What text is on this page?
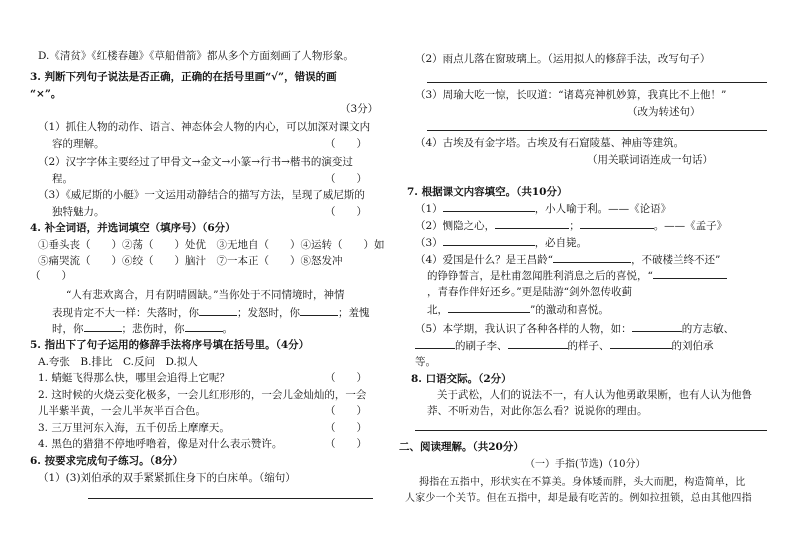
D.《清贫》《红楼春趣》《草船借箭》都从多个方面刻画了人物形象。
3. 判断下列句子说法是否正确，正确的在括号里画“√”，错误的画
“×”。
（3分）
（1）抓住人物的动作、语言、神态体会人物的内心，可以加深对课文内
容的理解。	（　　）
（2）汉字字体主要经过了甲骨文→金文→小篆→行书→楷书的演变过
程。	（　　）
（3）《威尼斯的小艇》一文运用动静结合的描写方法，呈现了威尼斯的
独特魅力。	（　　）
4. 补全词语，并选词填空（填序号）（6分）
①垂头丧（　　）②荡（　　）处优　③无地自（　　）④运转（　　）如
⑤痛哭流（　　）⑥绞（　　）脑汁　⑦一本正（　　）⑧怒发冲
（　　）
“人有悲欢离合，月有阴晴圆缺。”当你处于不同情境时，神情
表现肯定不大一样：失落时，你	；发怒时，你	；羞愧
时，你	；悲伤时，你	。
5. 指出下了句子运用的修辞手法将序号填在括号里。（4分）
A.夸张　B.排比　C.反问　D.拟人
1. 蜻蜓飞得那么快，哪里会追得上它呢？	（　　）
2. 这时候的火烧云变化极多，一会儿红形形的，一会儿金灿灿的，一会
儿半紫半黄，一会儿半灰半百合色。	（　　）
3. 三万里河东入海，五千仞岳上摩摩天。	（　　）
4. 黑色的猎猎不停地呼噜着，像是对什么表示赞许。	（　　）
6. 按要求完成句子练习。（8分）
（1）(3)刘伯承的双手紧紧抓住身下的白床单。（缩句）
（2）雨点儿落在窗玻璃上。（运用拟人的修辞手法，改写句子）
（3）周瑜大吃一惊，长叹道：“诸葛亮神机妙算，我真比不上他！”
（改为转述句）
（4）古埃及有金字塔。古埃及有石窟陵墓、神庙等建筑。
（用关联词语连成一句话）
7. 根据课文内容填空。（共10分）
（1）	，小人喻于利。——《论语》
（2）恻隐之心，	；	。——《孟子》
（3）	，必自毙。
（4）爱国是什么？是王昌龄“	，不破楼兰终不还”
的铮铮誓言，是杜甫忽闻胜利消息之后的喜悦，“
，青春作伴好还乡。”更是陆游“剑外忽传收蓟
北，	”的激动和喜悦。
（5）本学期，我认识了各种各样的人物，如：	的方志敏、
的刷子李、	的样子、	的刘伯承
等。
8. 口语交际。（2分）
关于武松，人们的说法不一，有人认为他勇敢果断，也有人认为他鲁
莽、不听劝告，对此你怎么看？说说你的理由。
二、阅读理解。（共20分）
（一）手指(节选)（10分）
拇指在五指中，形状实在不算美。身体矮而胖，头大而肥，构造简单，比
人家少一个关节。但在五指中，却是最有吃苦的。例如拉扭锁，总由其他四指
